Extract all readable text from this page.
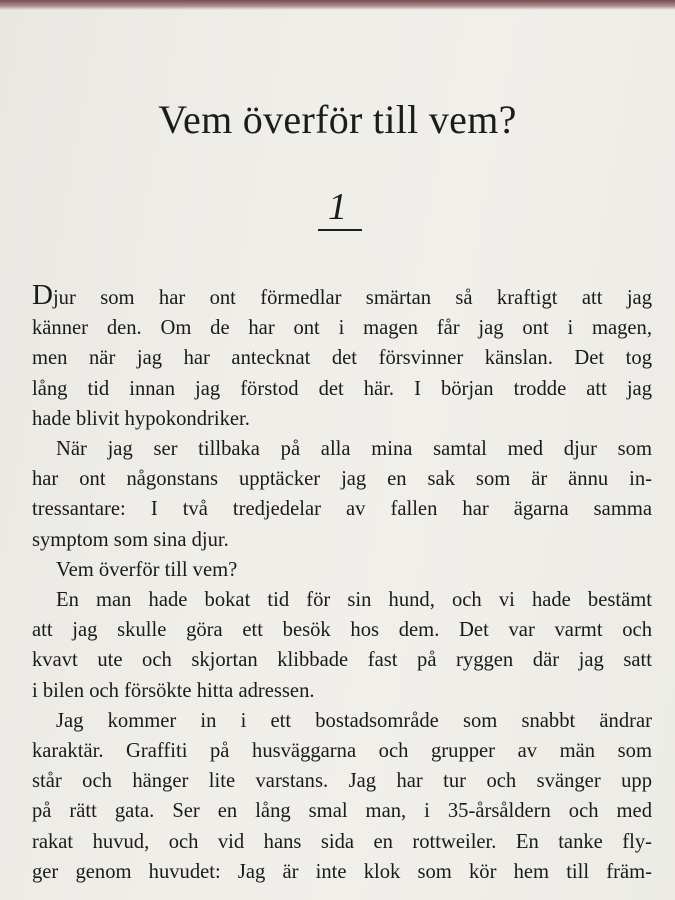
Vem överför till vem?
1

Djur som har ont förmedlar smärtan så kraftigt att jag
känner den. Om de har ont i magen får jag ont i magen,
men när jag har antecknat det försvinner känslan. Det tog
lång tid innan jag förstod det här. I början trodde att jag
hade blivit hypokondriker.

När jag ser tillbaka på alla mina samtal med djur som
har ont någonstans upptäcker jag en sak som är ännu in-
tressantare: I två tredjedelar av fallen har ägarna samma
symptom som sina djur.

Vem överför till vem?

En man hade bokat tid för sin hund, och vi hade bestämt
att jag skulle göra ett besök hos dem. Det var varmt och
kvavt ute och skjortan klibbade fast på ryggen där jag satt
i bilen och försökte hitta adressen.

Jag kommer in i ett bostadsområde som snabbt ändrar
karaktär. Graffiti på husväggarna och grupper av män som
står och hänger lite varstans. Jag har tur och svänger upp
på rätt gata. Ser en lång smal man, i 35-årsåldern och med
rakat huvud, och vid hans sida en rottweiler. En tanke fly-
ger genom huvudet: Jag är inte klok som kör hem till främ-
